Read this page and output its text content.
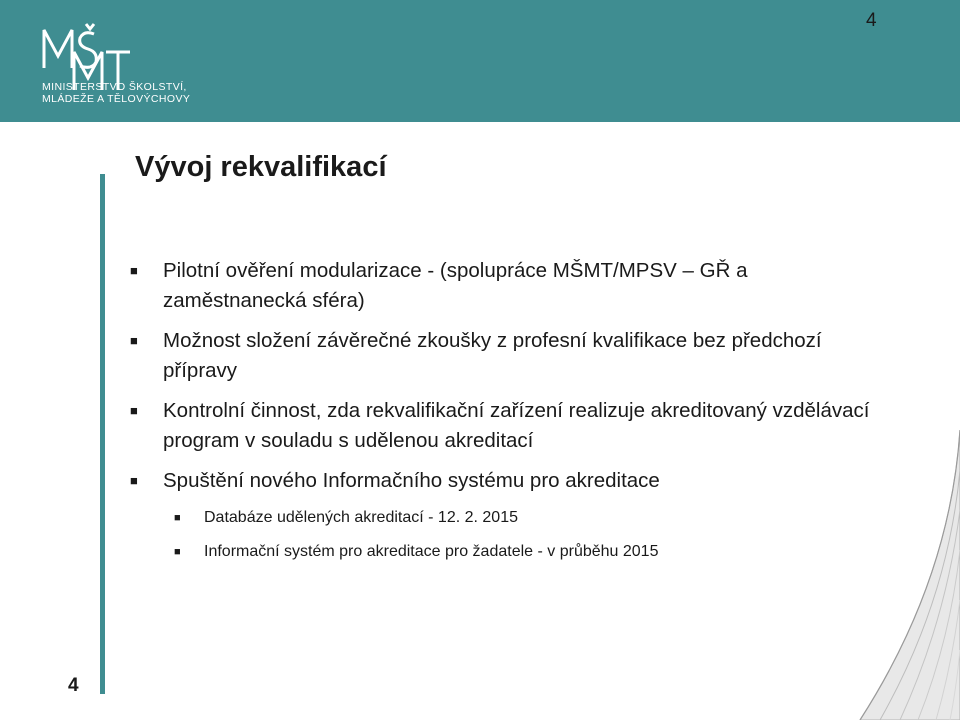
MINISTERSTVO ŠKOLSTVÍ,
MLÁDEŽE A TĚLOVÝCHOVY
4
Vývoj rekvalifikací
■ Pilotní ověření modularizace - (spolupráce MŠMT/MPSV – GŘ a zaměstnanecká sféra)
■ Možnost složení závěrečné zkoušky z profesní kvalifikace bez předchozí přípravy
■ Kontrolní činnost, zda rekvalifikační zařízení realizuje akreditovaný vzdělávací program v souladu s udělenou akreditací
■ Spuštění nového Informačního systému pro akreditace
■ Databáze udělených akreditací - 12. 2. 2015
■ Informační systém pro akreditace pro žadatele - v průběhu 2015
4
